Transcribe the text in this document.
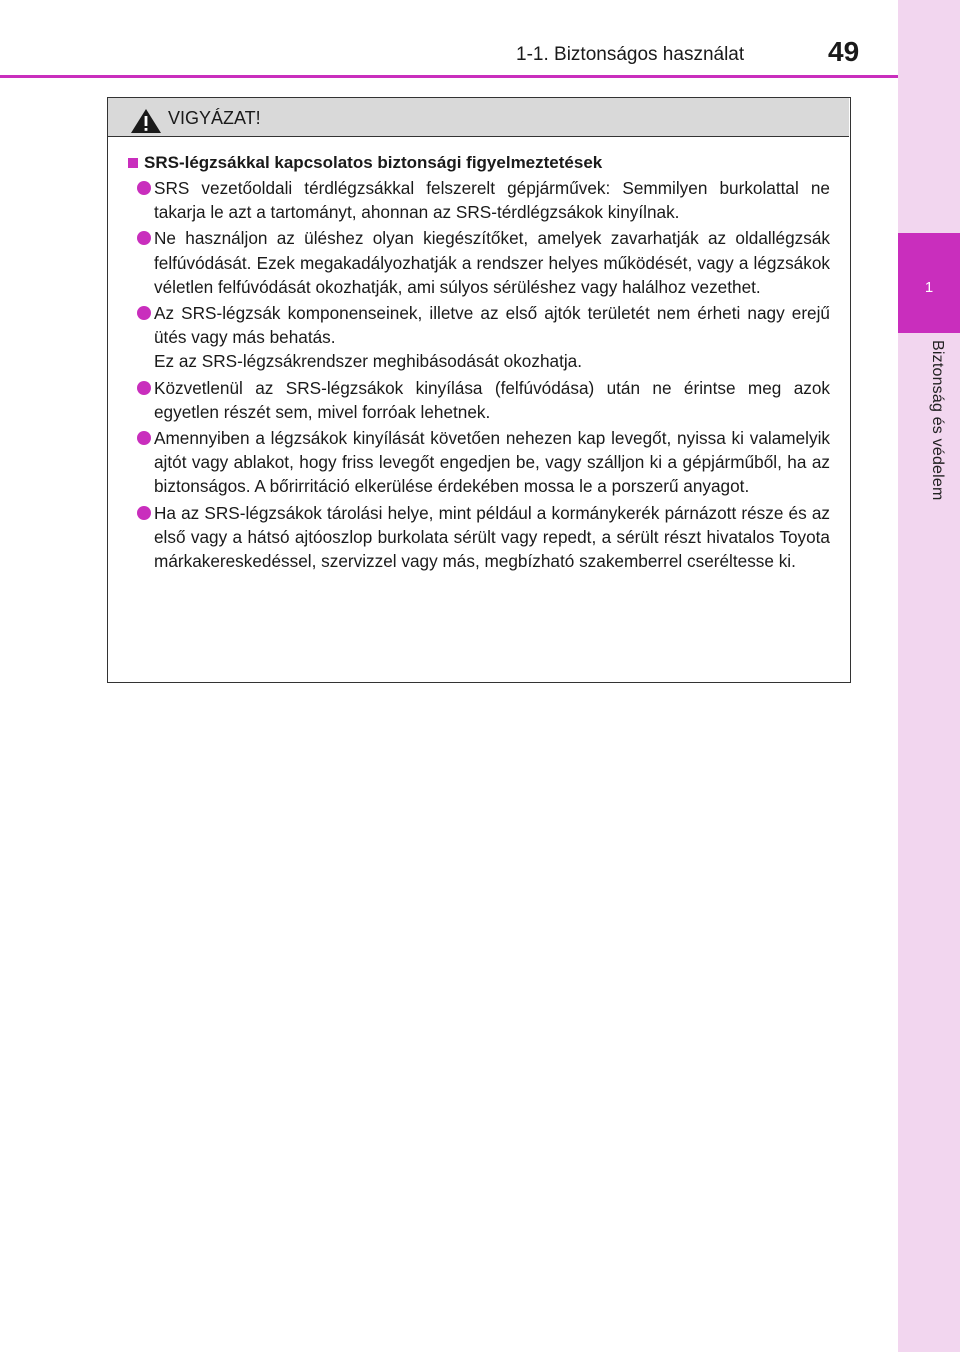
1-1. Biztonságos használat	49
1
Biztonság és védelem
VIGYÁZAT!
SRS-légzsákkal kapcsolatos biztonsági figyelmeztetések
SRS vezetőoldali térdlégzsákkal felszerelt gépjárművek: Semmilyen burkolattal ne takarja le azt a tartományt, ahonnan az SRS-térdlégzsákok kinyílnak.
Ne használjon az üléshez olyan kiegészítőket, amelyek zavarhatják az oldallégzsák felfúvódását. Ezek megakadályozhatják a rendszer helyes működését, vagy a légzsákok véletlen felfúvódását okozhatják, ami súlyos sérüléshez vagy halálhoz vezethet.
Az SRS-légzsák komponenseinek, illetve az első ajtók területét nem érheti nagy erejű ütés vagy más behatás.
Ez az SRS-légzsákrendszer meghibásodását okozhatja.
Közvetlenül az SRS-légzsákok kinyílása (felfúvódása) után ne érintse meg azok egyetlen részét sem, mivel forróak lehetnek.
Amennyiben a légzsákok kinyílását követően nehezen kap levegőt, nyissa ki valamelyik ajtót vagy ablakot, hogy friss levegőt engedjen be, vagy szálljon ki a gépjárműből, ha az biztonságos. A bőrirritáció elkerülése érdekében mossa le a porszerű anyagot.
Ha az SRS-légzsákok tárolási helye, mint például a kormánykerék párnázott része és az első vagy a hátsó ajtóoszlop burkolata sérült vagy repedt, a sérült részt hivatalos Toyota márkakereskedéssel, szervizzel vagy más, megbízható szakemberrel cseréltesse ki.
